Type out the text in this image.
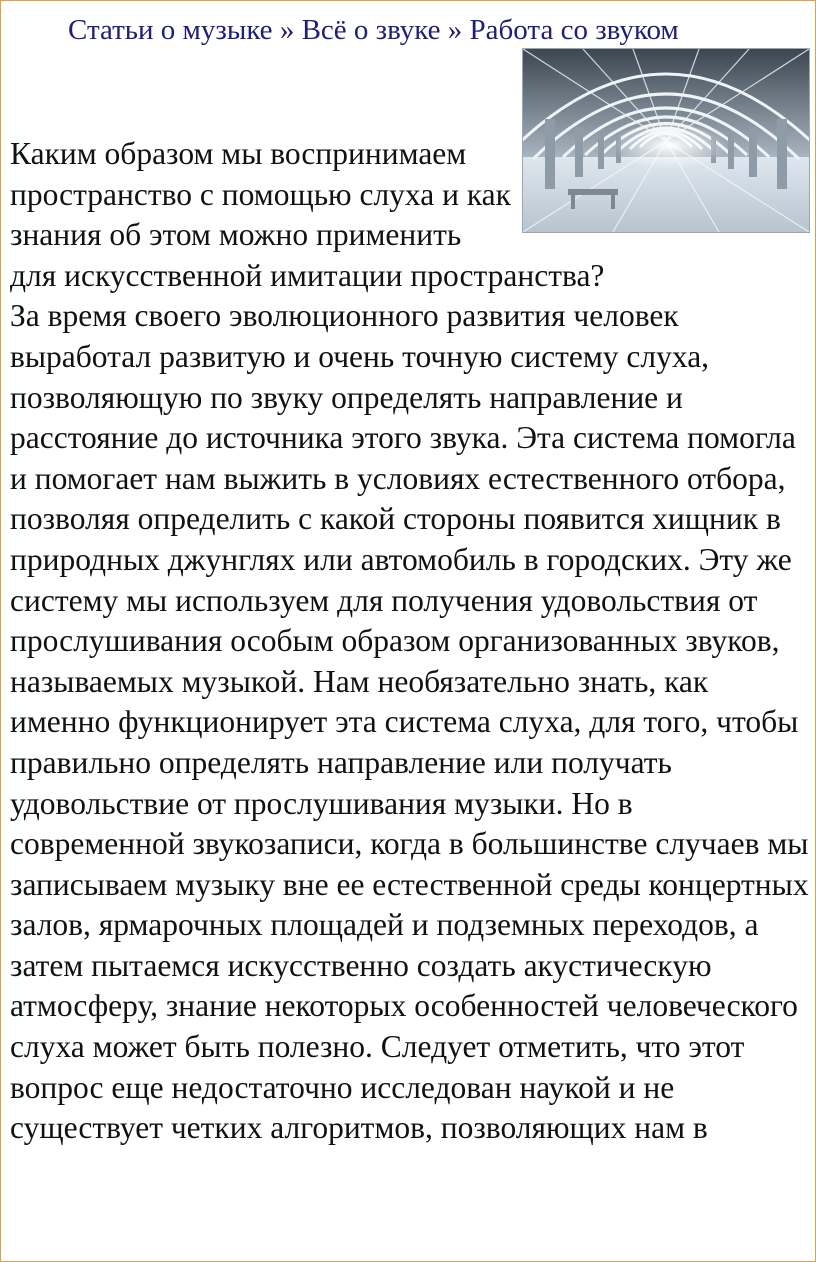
Статьи о музыке » Всё о звуке » Работа со звуком

Каким образом мы воспринимаем пространство с помощью слуха и как знания об этом можно применить для искусственной имитации пространства?

За время своего эволюционного развития человек выработал развитую и очень точную систему слуха, позволяющую по звуку определять направление и расстояние до источника этого звука. Эта система помогла и помогает нам выжить в условиях естественного отбора, позволяя определить с какой стороны появится хищник в природных джунглях или автомобиль в городских. Эту же систему мы используем для получения удовольствия от прослушивания особым образом организованных звуков, называемых музыкой. Нам необязательно знать, как именно функционирует эта система слуха, для того, чтобы правильно определять направление или получать удовольствие от прослушивания музыки. Но в современной звукозаписи, когда в большинстве случаев мы записываем музыку вне ее естественной среды концертных залов, ярмарочных площадей и подземных переходов, а затем пытаемся искусственно создать акустическую атмосферу, знание некоторых особенностей человеческого слуха может быть полезно. Следует отметить, что этот вопрос еще недостаточно исследован наукой и не существует четких алгоритмов, позволяющих нам в
